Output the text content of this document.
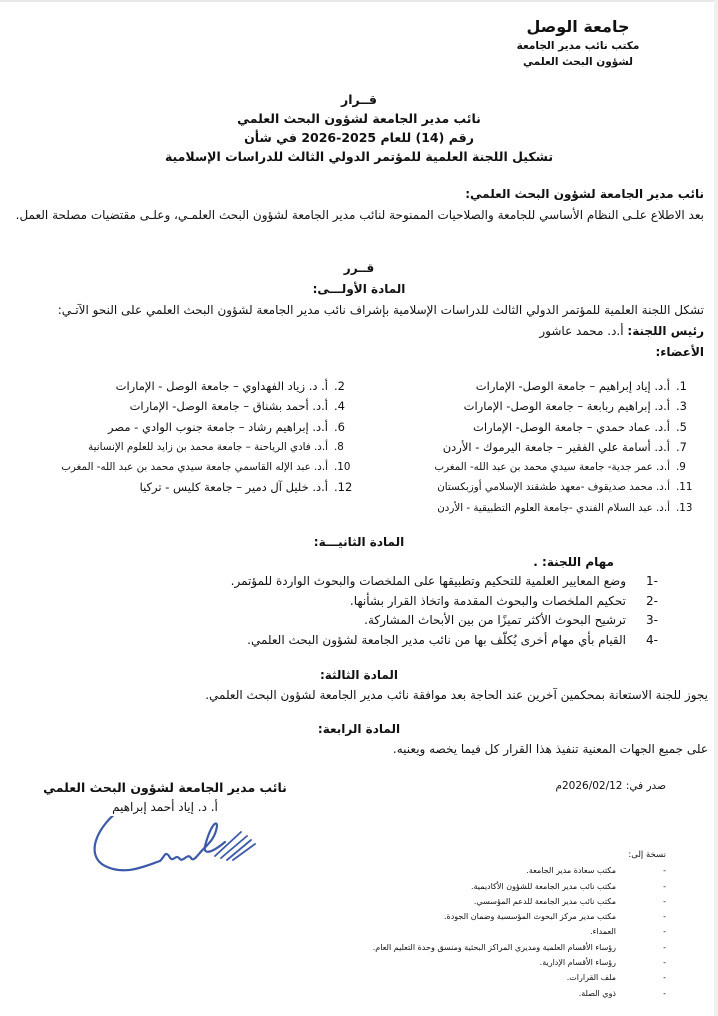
جامعة الوصل
مكتب نائب مدير الجامعة
لشؤون البحث العلمي
قــرار
نائب مدير الجامعة لشؤون البحث العلمي
رقم (14) للعام 2025-2026 في شأن
تشكيل اللجنة العلمية للمؤتمر الدولي الثالث للدراسات الإسلامية
نائب مدير الجامعة لشؤون البحث العلمي:
بعد الاطلاع علـى النظام الأساسي للجامعة والصلاحيات الممنوحة لنائب مدير الجامعة لشؤون البحث العلمـي، وعلـى مقتضيات مصلحة العمل.
قــرر
المادة الأولـــى:
تشكل اللجنة العلمية للمؤتمر الدولي الثالث للدراسات الإسلامية بإشراف نائب مدير الجامعة لشؤون البحث العلمي على النحو الآتـي:
رئيس اللجنة: أ.د. محمد عاشور
الأعضاء:
1.
أ.د. إياد إبراهيم – جامعة الوصل- الإمارات
3.
أ.د. إبراهيم ربابعة – جامعة الوصل- الإمارات
5.
أ.د. عماد حمدي – جامعة الوصل- الإمارات
7.
أ.د. أسامة علي الفقير – جامعة اليرموك - الأردن
9.
أ.د. عمر جدية- جامعة سيدي محمد بن عبد الله- المغرب
11.
أ.د. محمد صديقوف -معهد طشقند الإسلامي أوزبكستان
13.
أ.د. عبد السلام الفندي -جامعة العلوم التطبيقية - الأردن
2.
أ. د. زياد الفهداوي – جامعة الوصل - الإمارات
4.
أ.د. أحمد بشناق – جامعة الوصل- الإمارات
6.
أ.د. إبراهيم رشاد – جامعة جنوب الوادي - مصر
8.
أ.د. فادي الرياحنة – جامعة محمد بن زايد للعلوم الإنسانية
10.
أ.د. عبد الإله القاسمي جامعة سيدي محمد بن عبد الله- المغرب
12.
أ.د. خليل آل دمير – جامعة كليس - تركيا
المادة الثانيـــة:
مهام اللجنة: .
-1
وضع المعايير العلمية للتحكيم وتطبيقها على الملخصات والبحوث الواردة للمؤتمر.
-2
تحكيم الملخصات والبحوث المقدمة واتخاذ القرار بشأنها.
-3
ترشيح البحوث الأكثر تميزًا من بين الأبحاث المشاركة.
-4
القيام بأي مهام أخرى يُكلّف بها من نائب مدير الجامعة لشؤون البحث العلمي.
المادة الثالثة:
يجوز للجنة الاستعانة بمحكمين آخرين عند الحاجة بعد موافقة نائب مدير الجامعة لشؤون البحث العلمي.
المادة الرابعة:
على جميع الجهات المعنية تنفيذ هذا القرار كل فيما يخصه ويعنيه.
صدر في: 2026/02/12م
نائب مدير الجامعة لشؤون البحث العلمي
أ. د. إياد أحمد إبراهيم
نسخة إلى:
-
مكتب سعادة مدير الجامعة.
-
مكتب نائب مدير الجامعة للشؤون الأكاديمية.
-
مكتب نائب مدير الجامعة للدعم المؤسسي.
-
مكتب مدير مركز البحوث المؤسسية وضمان الجودة.
-
العمداء.
-
رؤساء الأقسام العلمية ومديري المراكز البحثية ومنسق وحدة التعليم العام.
-
رؤساء الأقسام الإدارية.
-
ملف القرارات.
-
ذوي الصلة.
